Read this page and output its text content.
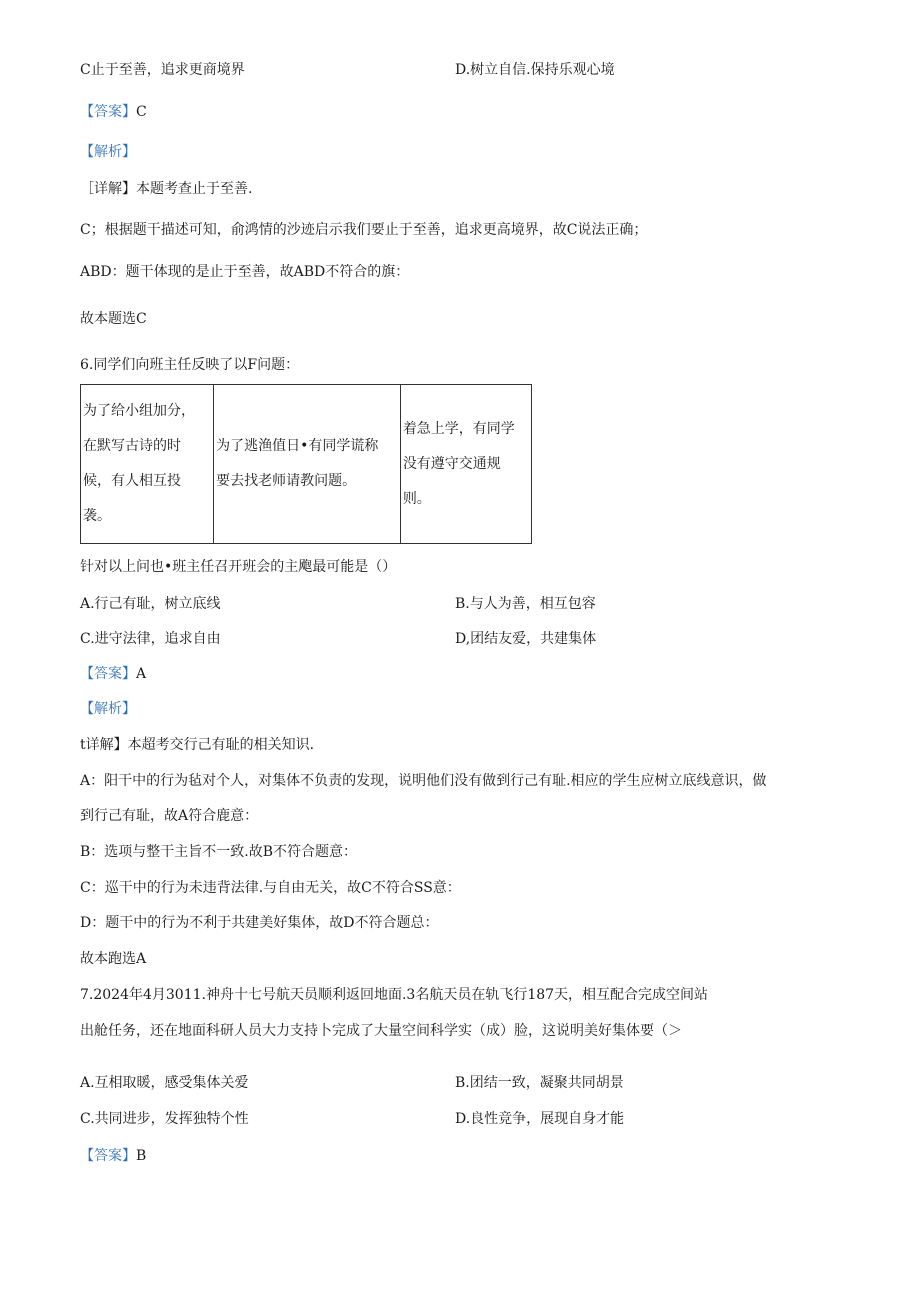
C止于至善，追求更商境界	D.树立自信.保持乐观心境
【答案】C
【解析】
［详解】本题考查止于至善.
C；根据题干描述可知，俞鸿情的沙迹启示我们要止于至善，追求更高境界，故C说法正确；
ABD：题干体现的是止于至善，故ABD不符合的旗：
故本题选C
6.同学们向班主任反映了以F问题：
为了给小组加分，
在默写古诗的时
候，有人相互投
袭。

为了逃渔值日•有同学谎称
要去找老师请教问题。

着急上学，有同学
没有遵守交通规
则。
针对以上问也•班主任召开班会的主飑最可能是（）
A.行己有耻，树立底线	B.与人为善，相互包容
C.进守法律，追求自由	D,团结友爱，共建集体
【答案】A
【解析】
t详解】本超考交行己有耻的相关知识.
A：阳干中的行为毡对个人，对集体不负责的发现，说明他们没有做到行己有耻.相应的学生应树立底线意识，做
到行己有耻，故A符合鹿意：
B：选项与整干主旨不一致.故B不符合题意：
C：巡干中的行为未违背法律.与自由无关，故C不符合SS意：
D：题干中的行为不利于共建美好集体，故D不符合题总：
故本跑选A
7.2024年4月3011.神舟十七号航天员顺利返回地面.3名航天员在轨飞行187天，相互配合完成空间站
出舱任务，还在地面科研人员大力支持卜完成了大量空间科学实（成）脸，这说明美好集体要（＞
A.互相取暖，感受集体关爱	B.团结一致，凝聚共同胡景
C.共同进步，发挥独特个性	D.良性竞争，展现自身才能
【答案】B
